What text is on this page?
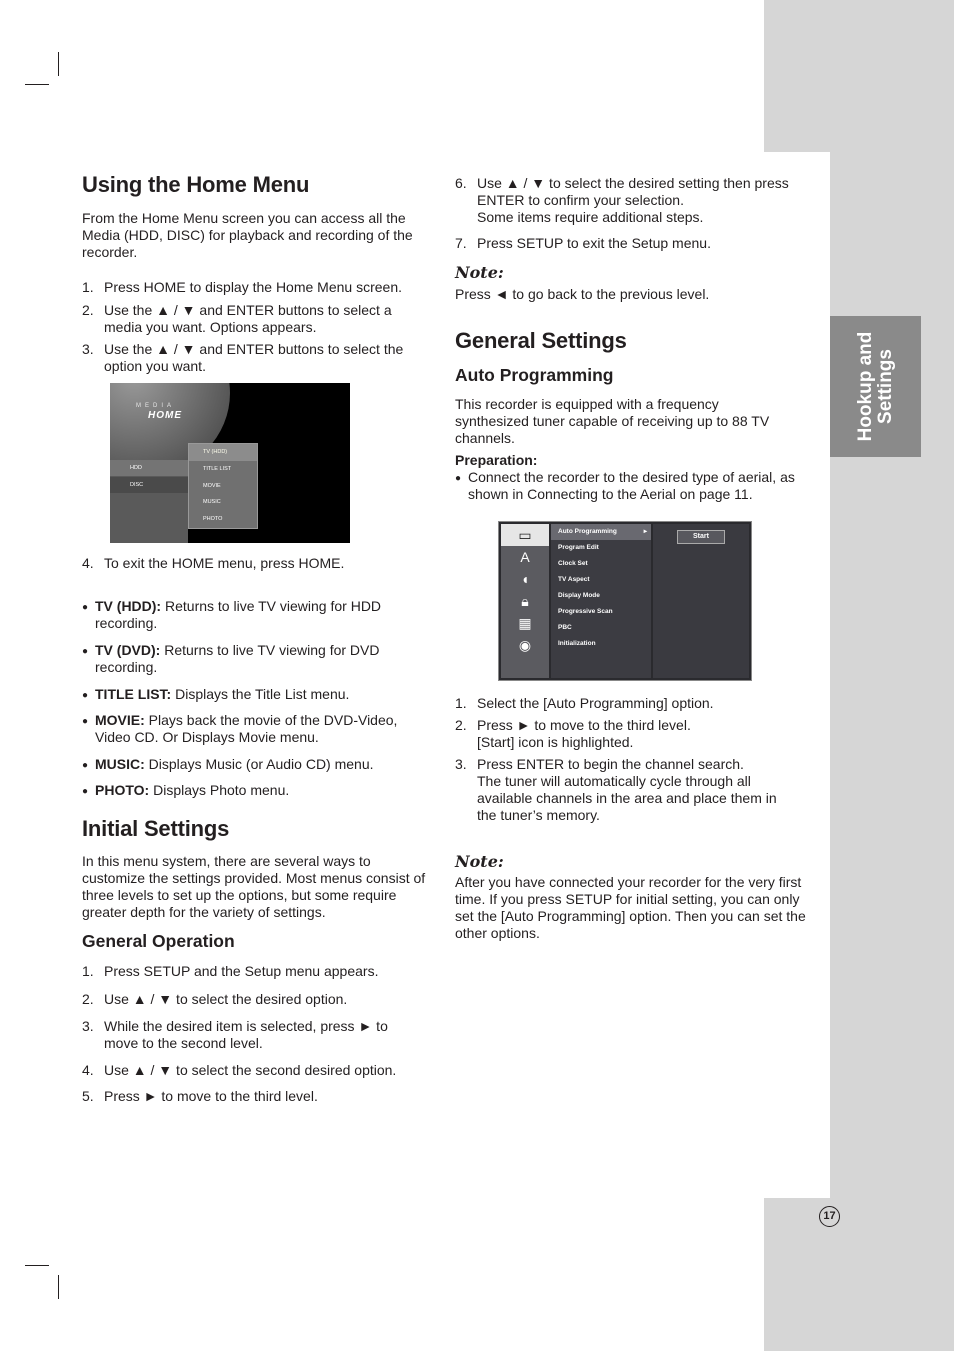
Hookup and Settings
17
Using the Home Menu

From the Home Menu screen you can access all the Media (HDD, DISC) for playback and recording of the recorder.

1. Press HOME to display the Home Menu screen.
2. Use the ▲ / ▼ and ENTER buttons to select a media you want. Options appears.
3. Use the ▲ / ▼ and ENTER buttons to select the option you want.
MEDIA
HOME
HDD
DISC
TV (HDD)
TITLE LIST
MOVIE
MUSIC
PHOTO
4. To exit the HOME menu, press HOME.
● TV (HDD): Returns to live TV viewing for HDD recording.
● TV (DVD): Returns to live TV viewing for DVD recording.
● TITLE LIST: Displays the Title List menu.
● MOVIE: Plays back the movie of the DVD-Video, Video CD. Or Displays Movie menu.
● MUSIC: Displays Music (or Audio CD) menu.
● PHOTO: Displays Photo menu.
Initial Settings

In this menu system, there are several ways to customize the settings provided. Most menus consist of three levels to set up the options, but some require greater depth for the variety of settings.

General Operation
1. Press SETUP and the Setup menu appears.
2. Use ▲ / ▼ to select the desired option.
3. While the desired item is selected, press ► to move to the second level.
4. Use ▲ / ▼ to select the second desired option.
5. Press ► to move to the third level.
6. Use ▲ / ▼ to select the desired setting then press ENTER to confirm your selection.
Some items require additional steps.
7. Press SETUP to exit the Setup menu.
Note:

Press ◄ to go back to the previous level.

General Settings
Auto Programming

This recorder is equipped with a frequency synthesized tuner capable of receiving up to 88 TV channels.

Preparation:

● Connect the recorder to the desired type of aerial, as shown in Connecting to the Aerial on page 11.
▭
A
◖
🔒︎
▦
◉
Auto Programming	▸
Program Edit
Clock Set
TV Aspect
Display Mode
Progressive Scan
PBC
Initialization
Start
1. Select the [Auto Programming] option.
2. Press ► to move to the third level.
[Start] icon is highlighted.
3. Press ENTER to begin the channel search.
The tuner will automatically cycle through all available channels in the area and place them in the tuner’s memory.
Note:

After you have connected your recorder for the very first time. If you press SETUP for initial setting, you can only set the [Auto Programming] option. Then you can set the other options.
